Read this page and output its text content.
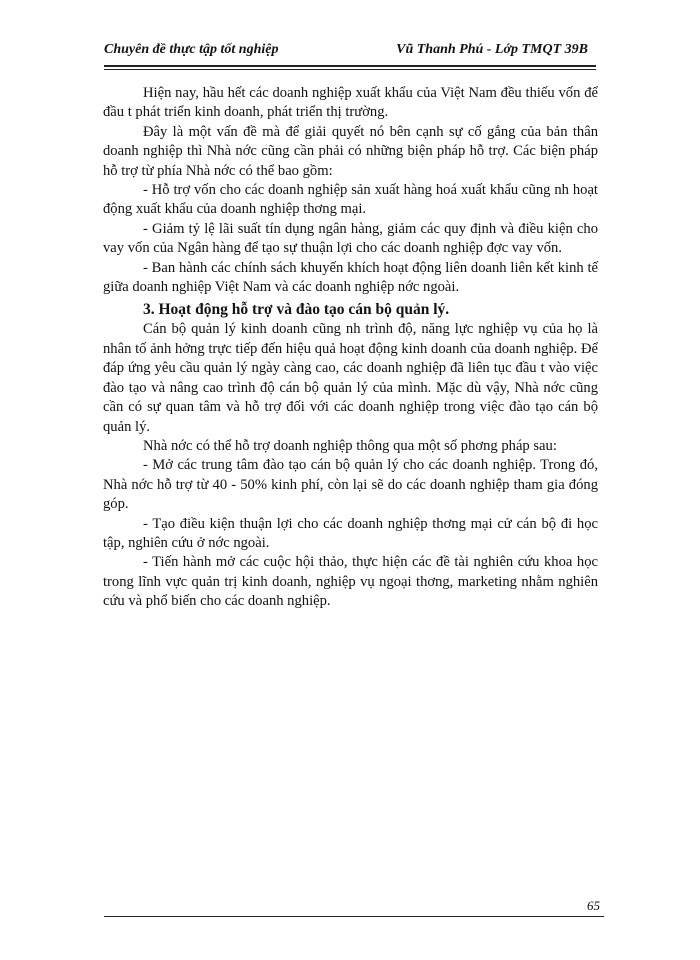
Chuyên đề thực tập tốt nghiệp	Vũ Thanh Phú - Lớp TMQT 39B

Hiện nay, hầu hết các doanh nghiệp xuất khẩu của Việt Nam đều thiếu vốn để đầu t phát triển kinh doanh, phát triển thị trường.

Đây là một vấn đề mà để giải quyết nó bên cạnh sự cố gắng của bản thân doanh nghiệp thì Nhà nớc cũng cần phải có những biện pháp hỗ trợ. Các biện pháp hỗ trợ từ phía Nhà nớc có thể bao gồm:

- Hỗ trợ vốn cho các doanh nghiệp sản xuất hàng hoá xuất khẩu cũng nh hoạt động xuất khẩu của doanh nghiệp thơng mại.

- Giảm tỷ lệ lãi suất tín dụng ngân hàng, giảm các quy định và điều kiện cho vay vốn của Ngân hàng để tạo sự thuận lợi cho các doanh nghiệp đợc vay vốn.

- Ban hành các chính sách khuyến khích hoạt động liên doanh liên kết kinh tế giữa doanh nghiệp Việt Nam và các doanh nghiệp nớc ngoài.

3. Hoạt động hỗ trợ và đào tạo cán bộ quản lý.

Cán bộ quản lý kinh doanh cũng nh trình độ, năng lực nghiệp vụ của họ là nhân tố ảnh hởng trực tiếp đến hiệu quả hoạt động kinh doanh của doanh nghiệp. Để đáp ứng yêu cầu quản lý ngày càng cao, các doanh nghiệp đã liên tục đầu t vào việc đào tạo và nâng cao trình độ cán bộ quản lý của mình. Mặc dù vậy, Nhà nớc cũng cần có sự quan tâm và hỗ trợ đối với các doanh nghiệp trong việc đào tạo cán bộ quản lý.

Nhà nớc có thể hỗ trợ doanh nghiệp thông qua một số phơng pháp sau:

- Mở các trung tâm đào tạo cán bộ quản lý cho các doanh nghiệp. Trong đó, Nhà nớc hỗ trợ từ 40 - 50% kinh phí, còn lại sẽ do các doanh nghiệp tham gia đóng góp.

- Tạo điều kiện thuận lợi cho các doanh nghiệp thơng mại cử cán bộ đi học tập, nghiên cứu ở nớc ngoài.

- Tiến hành mở các cuộc hội thảo, thực hiện các đề tài nghiên cứu khoa học trong lĩnh vực quản trị kinh doanh, nghiệp vụ ngoại thơng, marketing nhằm nghiên cứu và phổ biến cho các doanh nghiệp.

65
